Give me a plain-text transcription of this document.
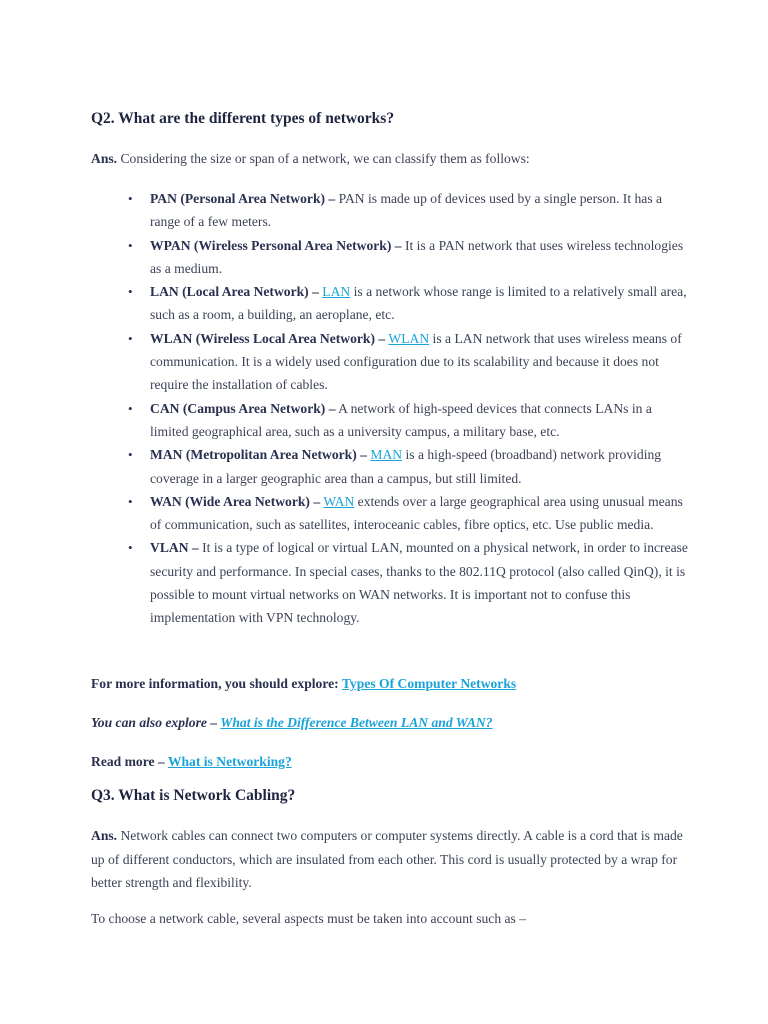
Q2. What are the different types of networks?

Ans. Considering the size or span of a network, we can classify them as follows:

• PAN (Personal Area Network) – PAN is made up of devices used by a single person. It has a range of a few meters.
• WPAN (Wireless Personal Area Network) – It is a PAN network that uses wireless technologies as a medium.
• LAN (Local Area Network) – LAN is a network whose range is limited to a relatively small area, such as a room, a building, an aeroplane, etc.
• WLAN (Wireless Local Area Network) – WLAN is a LAN network that uses wireless means of communication. It is a widely used configuration due to its scalability and because it does not require the installation of cables.
• CAN (Campus Area Network) – A network of high-speed devices that connects LANs in a limited geographical area, such as a university campus, a military base, etc.
• MAN (Metropolitan Area Network) – MAN is a high-speed (broadband) network providing coverage in a larger geographic area than a campus, but still limited.
• WAN (Wide Area Network) – WAN extends over a large geographical area using unusual means of communication, such as satellites, interoceanic cables, fibre optics, etc. Use public media.
• VLAN – It is a type of logical or virtual LAN, mounted on a physical network, in order to increase security and performance. In special cases, thanks to the 802.11Q protocol (also called QinQ), it is possible to mount virtual networks on WAN networks. It is important not to confuse this implementation with VPN technology.

For more information, you should explore: Types Of Computer Networks

You can also explore – What is the Difference Between LAN and WAN?

Read more – What is Networking?

Q3. What is Network Cabling?

Ans. Network cables can connect two computers or computer systems directly. A cable is a cord that is made up of different conductors, which are insulated from each other. This cord is usually protected by a wrap for better strength and flexibility.

To choose a network cable, several aspects must be taken into account such as –
